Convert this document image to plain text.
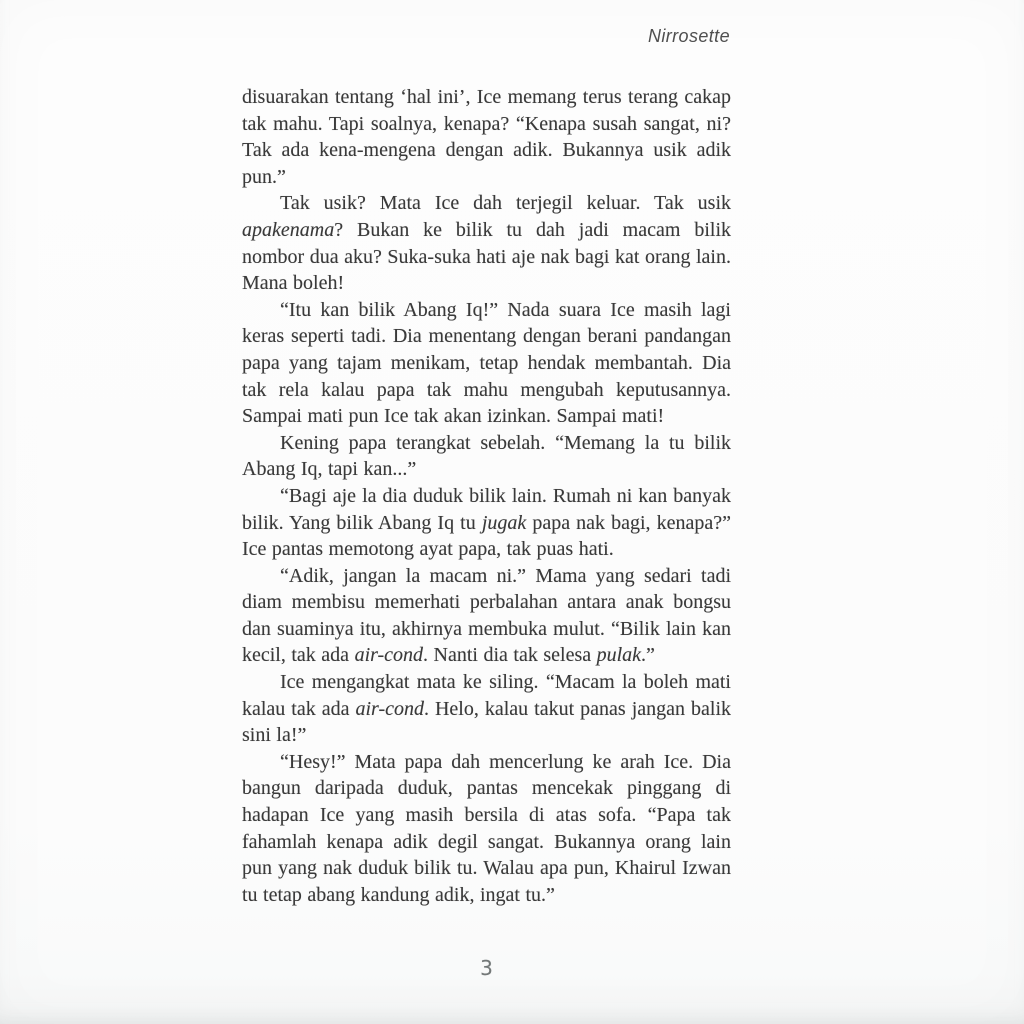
Nirrosette

disuarakan tentang ‘hal ini’, Ice memang terus terang cakap tak mahu. Tapi soalnya, kenapa? “Kenapa susah sangat, ni? Tak ada kena-mengena dengan adik. Bukannya usik adik pun.”

Tak usik? Mata Ice dah terjegil keluar. Tak usik apakenama? Bukan ke bilik tu dah jadi macam bilik nombor dua aku? Suka-suka hati aje nak bagi kat orang lain. Mana boleh!

“Itu kan bilik Abang Iq!” Nada suara Ice masih lagi keras seperti tadi. Dia menentang dengan berani pandangan papa yang tajam menikam, tetap hendak membantah. Dia tak rela kalau papa tak mahu mengubah keputusannya. Sampai mati pun Ice tak akan izinkan. Sampai mati!

Kening papa terangkat sebelah. “Memang la tu bilik Abang Iq, tapi kan...”

“Bagi aje la dia duduk bilik lain. Rumah ni kan banyak bilik. Yang bilik Abang Iq tu jugak papa nak bagi, kenapa?” Ice pantas memotong ayat papa, tak puas hati.

“Adik, jangan la macam ni.” Mama yang sedari tadi diam membisu memerhati perbalahan antara anak bongsu dan suaminya itu, akhirnya membuka mulut. “Bilik lain kan kecil, tak ada air-cond. Nanti dia tak selesa pulak.”

Ice mengangkat mata ke siling. “Macam la boleh mati kalau tak ada air-cond. Helo, kalau takut panas jangan balik sini la!”

“Hesy!” Mata papa dah mencerlung ke arah Ice. Dia bangun daripada duduk, pantas mencekak pinggang di hadapan Ice yang masih bersila di atas sofa. “Papa tak fahamlah kenapa adik degil sangat. Bukannya orang lain pun yang nak duduk bilik tu. Walau apa pun, Khairul Izwan tu tetap abang kandung adik, ingat tu.”

3
